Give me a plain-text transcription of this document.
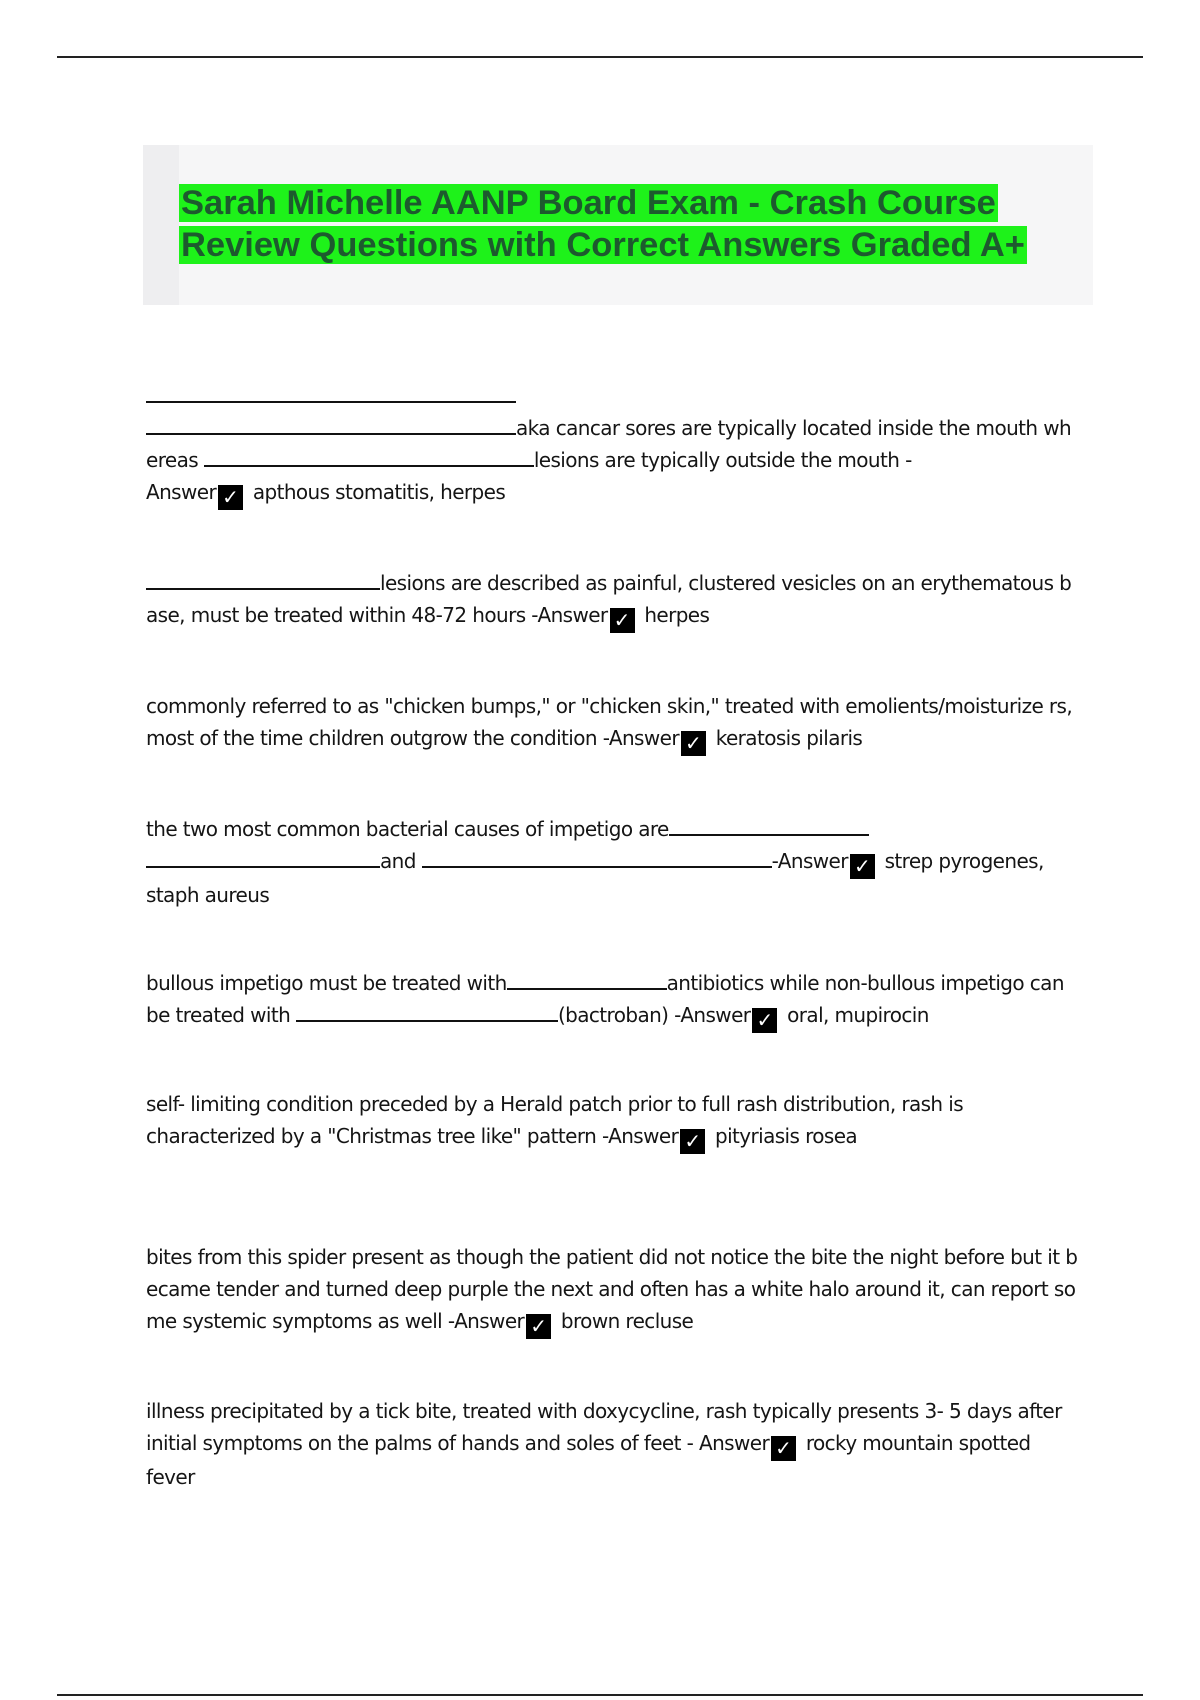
Sarah Michelle AANP Board Exam - Crash Course Review Questions with Correct Answers Graded A+

aka cancar sores are typically located inside the mouth wh ereas	lesions are typically outside the mouth -
Answer ✓ apthous stomatitis, herpes
lesions are described as painful, clustered vesicles on an erythematous b ase, must be treated within 48-72 hours -Answer ✓ herpes
commonly referred to as "chicken bumps," or "chicken skin," treated with emolients/moisturize rs, most of the time children outgrow the condition -Answer ✓ keratosis pilaris
the two most common bacterial causes of impetigo are
and	-Answer ✓ strep pyrogenes, staph aureus
bullous impetigo must be treated with	antibiotics while non-bullous impetigo can be treated with	(bactroban) -Answer ✓ oral, mupirocin
self- limiting condition preceded by a Herald patch prior to full rash distribution, rash is characterized by a "Christmas tree like" pattern -Answer ✓ pityriasis rosea
bites from this spider present as though the patient did not notice the bite the night before but it b ecame tender and turned deep purple the next and often has a white halo around it, can report so me systemic symptoms as well -Answer ✓ brown recluse
illness precipitated by a tick bite, treated with doxycycline, rash typically presents 3- 5 days after initial symptoms on the palms of hands and soles of feet - Answer ✓ rocky mountain spotted fever
